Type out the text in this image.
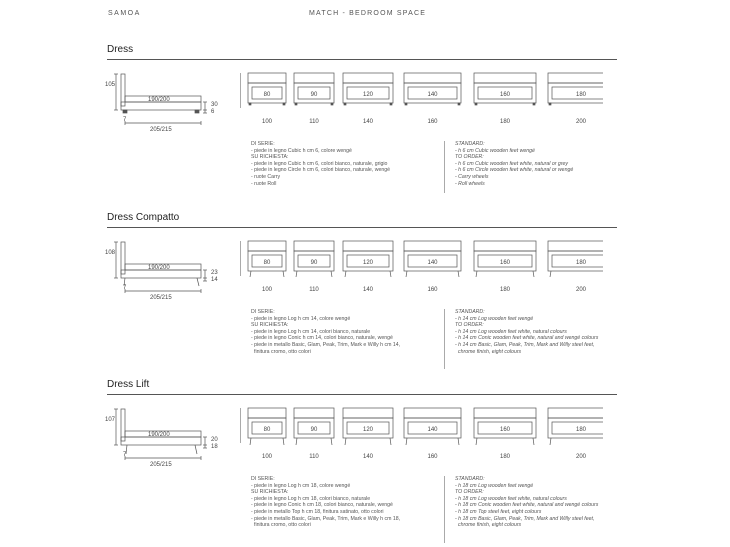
SAMOA	MATCH - BEDROOM SPACE
Dress
105
190/200
30
6
7
205/215
80
100
90
110
120
140
140
160
160
180
180
200
DI SERIE:
- piede in legno Cubic h cm 6, colore wengé
SU RICHIESTA:
- piede in legno Cubic h cm 6, colori bianco, naturale, grigio
- piede in legno Circle h cm 6, colori bianco, naturale, wengé
- ruote Carry
- ruote Roll
STANDARD:
- h 6 cm Cubic wooden feet wengé
TO ORDER:
- h 6 cm Cubic wooden feet white, natural or grey
- h 6 cm Circle wooden feet white, natural or wengé
- Carry wheels
- Roll wheels
Dress Compatto
108
190/200
23
14
7
205/215
80
100
90
110
120
140
140
160
160
180
180
200
DI SERIE:
- piede in legno Log h cm 14, colore wengé
SU RICHIESTA:
- piede in legno Log h cm 14, colori bianco, naturale
- piede in legno Conic h cm 14, colori bianco, naturale, wengé
- piede in metallo Basic, Glam, Peak, Trim, Mark e Willy h cm 14,
finitura cromo, otto colori
STANDARD:
- h 14 cm Log wooden feet wengé
TO ORDER:
- h 14 cm Log wooden feet white, natural colours
- h 14 cm Conic wooden feet white, natural and wengé colours
- h 14 cm Basic, Glam, Peak, Trim, Mark and Willy steel feet,
chrome finish, eight colours
Dress Lift
107
190/200
20
18
7
205/215
80
100
90
110
120
140
140
160
160
180
180
200
DI SERIE:
- piede in legno Log h cm 18, colore wengé
SU RICHIESTA:
- piede in legno Log h cm 18, colori bianco, naturale
- piede in legno Conic h cm 18, colori bianco, naturale, wengé
- piede in metallo Top h cm 18, finitura satinato, otto colori
- piede in metallo Basic, Glam, Peak, Trim, Mark e Willy h cm 18,
finitura cromo, otto colori
STANDARD:
- h 18 cm Log wooden feet wengé
TO ORDER:
- h 18 cm Log wooden feet white, natural colours
- h 18 cm Conic wooden feet white, natural and wengé colours
- h 18 cm Top steel feet, eight colours
- h 18 cm Basic, Glam, Peak, Trim, Mark and Willy steel feet,
chrome finish, eight colours
